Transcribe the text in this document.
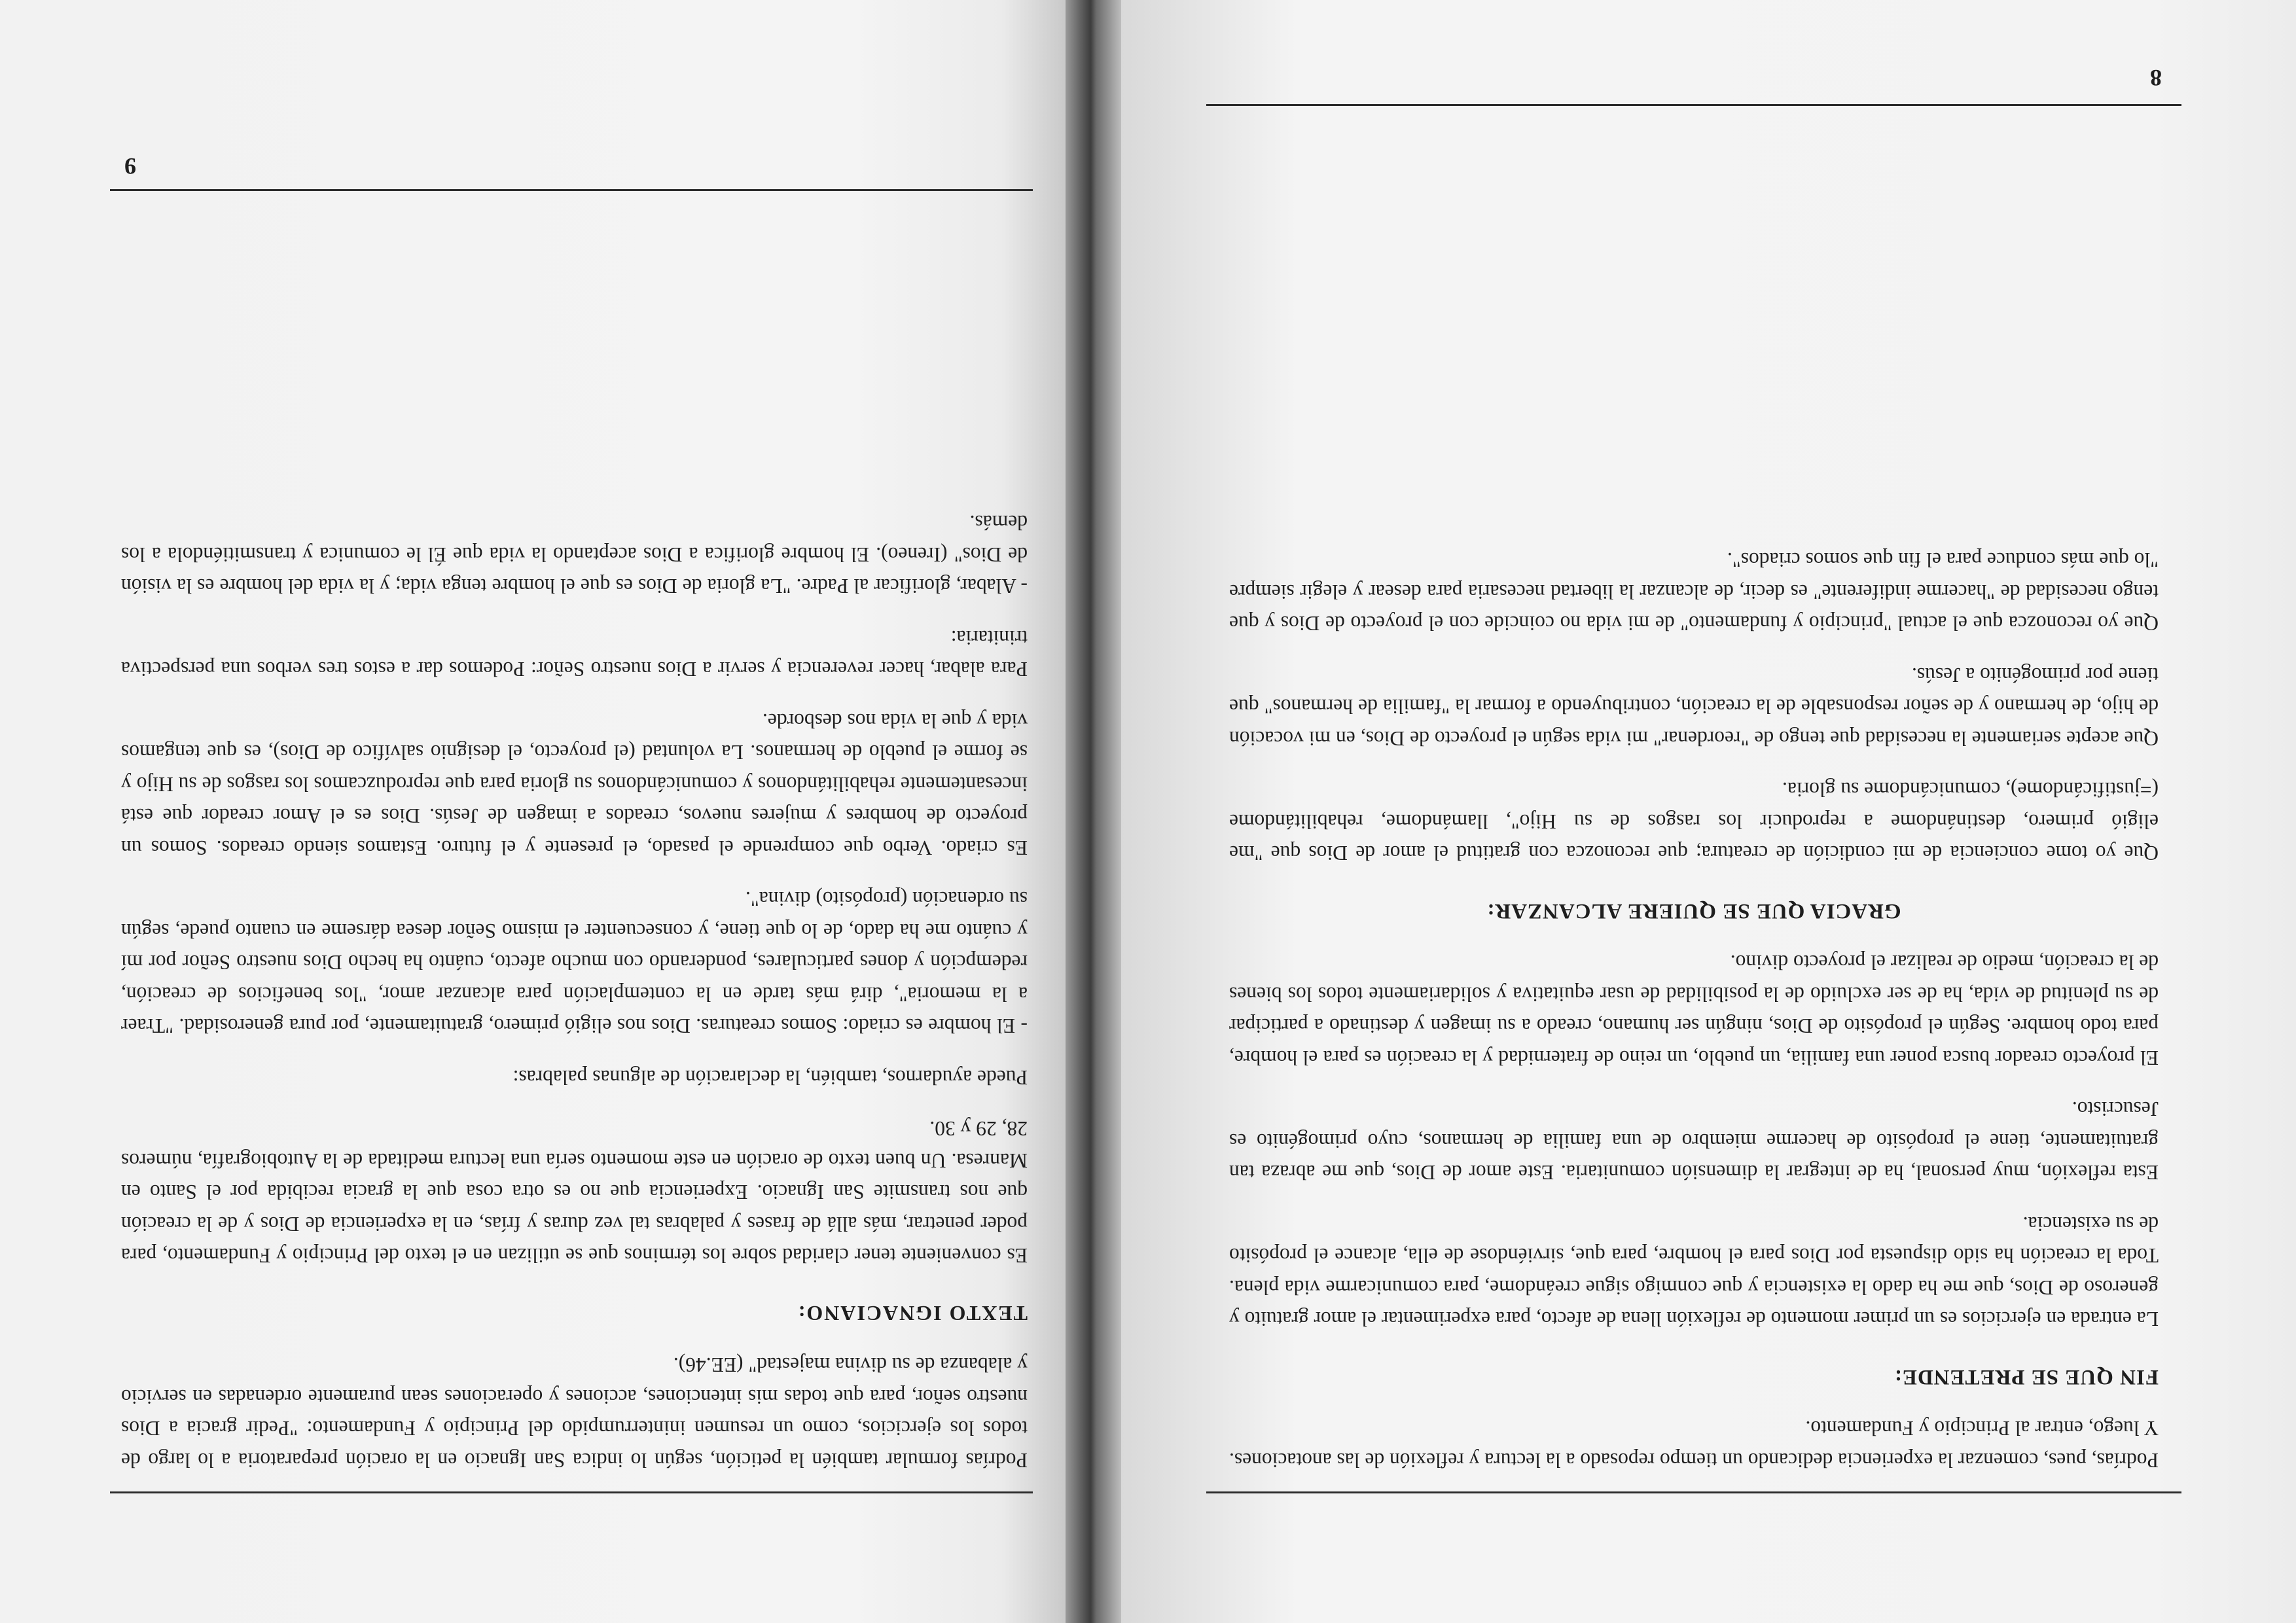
Podrías, pues, comenzar la experiencia dedicando un tiempo reposado a la lectura y reflexión de las anotaciones. Y luego, entrar al Principio y Fundamento.

FIN QUE SE PRETENDE:

La entrada en ejercicios es un primer momento de reflexión llena de afecto, para experimentar el amor gratuito y generoso de Dios, que me ha dado la existencia y que conmigo sigue creándome, para comunicarme vida plena. Toda la creación ha sido dispuesta por Dios para el hombre, para que, sirviéndose de ella, alcance el propósito de su existencia.

Esta reflexión, muy personal, ha de integrar la dimensión comunitaria. Este amor de Dios, que me abraza tan gratuitamente, tiene el propósito de hacerme miembro de una familia de hermanos, cuyo primogénito es Jesucristo.

El proyecto creador busca poner una familia, un pueblo, un reino de fraternidad y la creación es para el hombre, para todo hombre. Según el propósito de Dios, ningún ser humano, creado a su imagen y destinado a participar de su plenitud de vida, ha de ser excluido de la posibilidad de usar equitativa y solidariamente todos los bienes de la creación, medio de realizar el proyecto divino.

GRACIA QUE SE QUIERE ALCANZAR:

Que yo tome conciencia de mi condición de creatura; que reconozca con gratitud el amor de Dios que "me eligió primero, destinándome a reproducir los rasgos de su Hijo", llamándome, rehabilitándome (=justificándome), comunicándome su gloria.

Que acepte seriamente la necesidad que tengo de "reordenar" mi vida según el proyecto de Dios, en mi vocación de hijo, de hermano y de señor responsable de la creación, contribuyendo a formar la "familia de hermanos" que tiene por primogénito a Jesús.

Que yo reconozca que el actual "principio y fundamento" de mi vida no coincide con el proyecto de Dios y que tengo necesidad de "hacerme indiferente" es decir, de alcanzar la libertad necesaria para desear y elegir siempre "lo que más conduce para el fin que somos criados".

8

Podrías formular también la petición, según lo indica San Ignacio en la oración preparatoria a lo largo de todos los ejercicios, como un resumen ininterrumpido del Principio y Fundamento: "Pedir gracia a Dios nuestro señor, para que todas mis intenciones, acciones y operaciones sean puramente ordenadas en servicio y alabanza de su divina majestad" (EE.46).

TEXTO IGNACIANO:

Es conveniente tener claridad sobre los términos que se utilizan en el texto del Principio y Fundamento, para poder penetrar, más allá de frases y palabras tal vez duras y frías, en la experiencia de Dios y de la creación que nos transmite San Ignacio. Experiencia que no es otra cosa que la gracia recibida por el Santo en Manresa. Un buen texto de oración en este momento sería una lectura meditada de la Autobiografía, números 28, 29 y 30.

Puede ayudarnos, también, la declaración de algunas palabras:

- El hombre es criado: Somos creaturas. Dios nos eligió primero, gratuitamente, por pura generosidad. "Traer a la memoria", dirá más tarde en la contemplación para alcanzar amor, "los beneficios de creación, redempción y dones particulares, ponderando con mucho afecto, cuánto ha hecho Dios nuestro Señor por mí y cuánto me ha dado, de lo que tiene, y consecuenter el mismo Señor desea dárseme en cuanto puede, según su ordenación (propósito) divina".

Es criado. Verbo que comprende el pasado, el presente y el futuro. Estamos siendo creados. Somos un proyecto de hombres y mujeres nuevos, creados a imagen de Jesús. Dios es el Amor creador que está incesantemente rehabilitándonos y comunicándonos su gloria para que reproduzcamos los rasgos de su Hijo y se forme el pueblo de hermanos. La voluntad (el proyecto, el designio salvífico de Dios), es que tengamos vida y que la vida nos desborde.

Para alabar, hacer reverencia y servir a Dios nuestro Señor: Podemos dar a estos tres verbos una perspectiva trinitaria:

- Alabar, glorificar al Padre. "La gloria de Dios es que el hombre tenga vida; y la vida del hombre es la visión de Dios" (Ireneo). El hombre glorifica a Dios aceptando la vida que Él le comunica y transmitiéndola a los demás.

9
